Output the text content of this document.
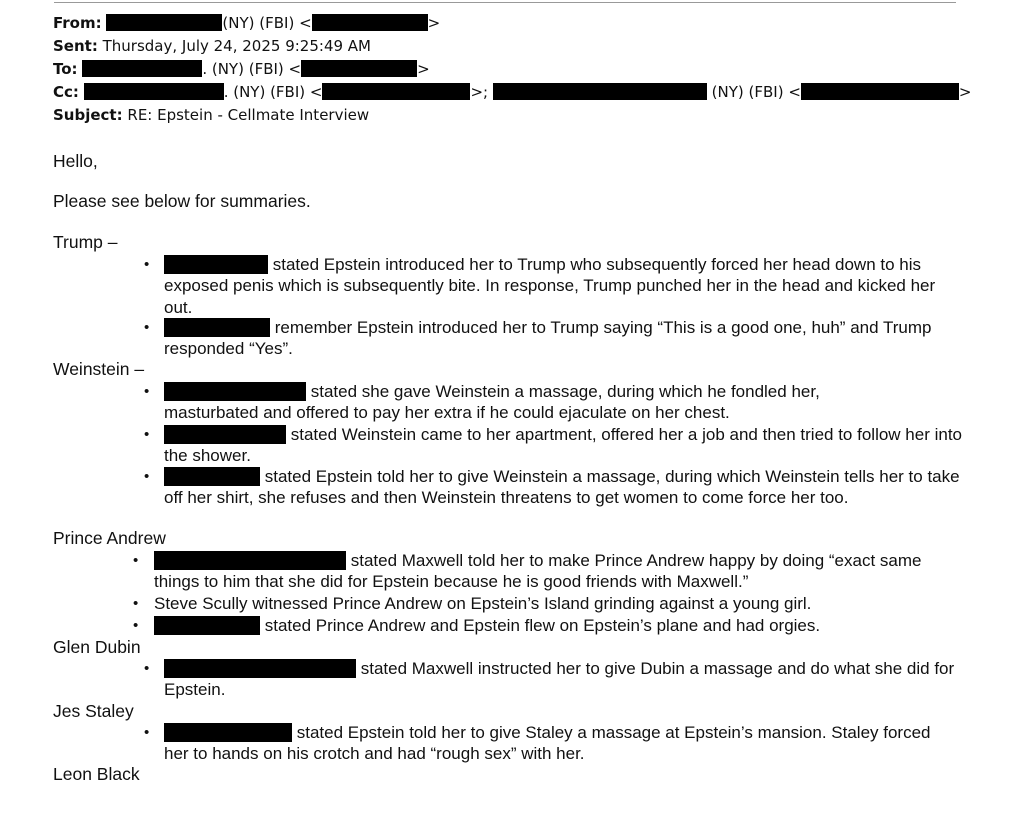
From:	(NY) (FBI) <	>
Sent: Thursday, July 24, 2025 9:25:49 AM
To:	. (NY) (FBI) <	>
Cc:	. (NY) (FBI) <	>;	(NY) (FBI) <	>
Subject: RE: Epstein - Cellmate Interview
Hello,
Please see below for summaries.
Trump –
•	stated Epstein introduced her to Trump who subsequently forced her head down to his exposed penis which is subsequently bite. In response, Trump punched her in the head and kicked her out.
•	remember Epstein introduced her to Trump saying “This is a good one, huh” and Trump responded “Yes”.
Weinstein –
•	stated she gave Weinstein a massage, during which he fondled her, masturbated and offered to pay her extra if he could ejaculate on her chest.
•	stated Weinstein came to her apartment, offered her a job and then tried to follow her into the shower.
•	stated Epstein told her to give Weinstein a massage, during which Weinstein tells her to take off her shirt, she refuses and then Weinstein threatens to get women to come force her too.
Prince Andrew
•	stated Maxwell told her to make Prince Andrew happy by doing “exact same things to him that she did for Epstein because he is good friends with Maxwell.”
• Steve Scully witnessed Prince Andrew on Epstein’s Island grinding against a young girl.
•	stated Prince Andrew and Epstein flew on Epstein’s plane and had orgies.
Glen Dubin
•	stated Maxwell instructed her to give Dubin a massage and do what she did for Epstein.
Jes Staley
•	stated Epstein told her to give Staley a massage at Epstein’s mansion. Staley forced her to hands on his crotch and had “rough sex” with her.
Leon Black
